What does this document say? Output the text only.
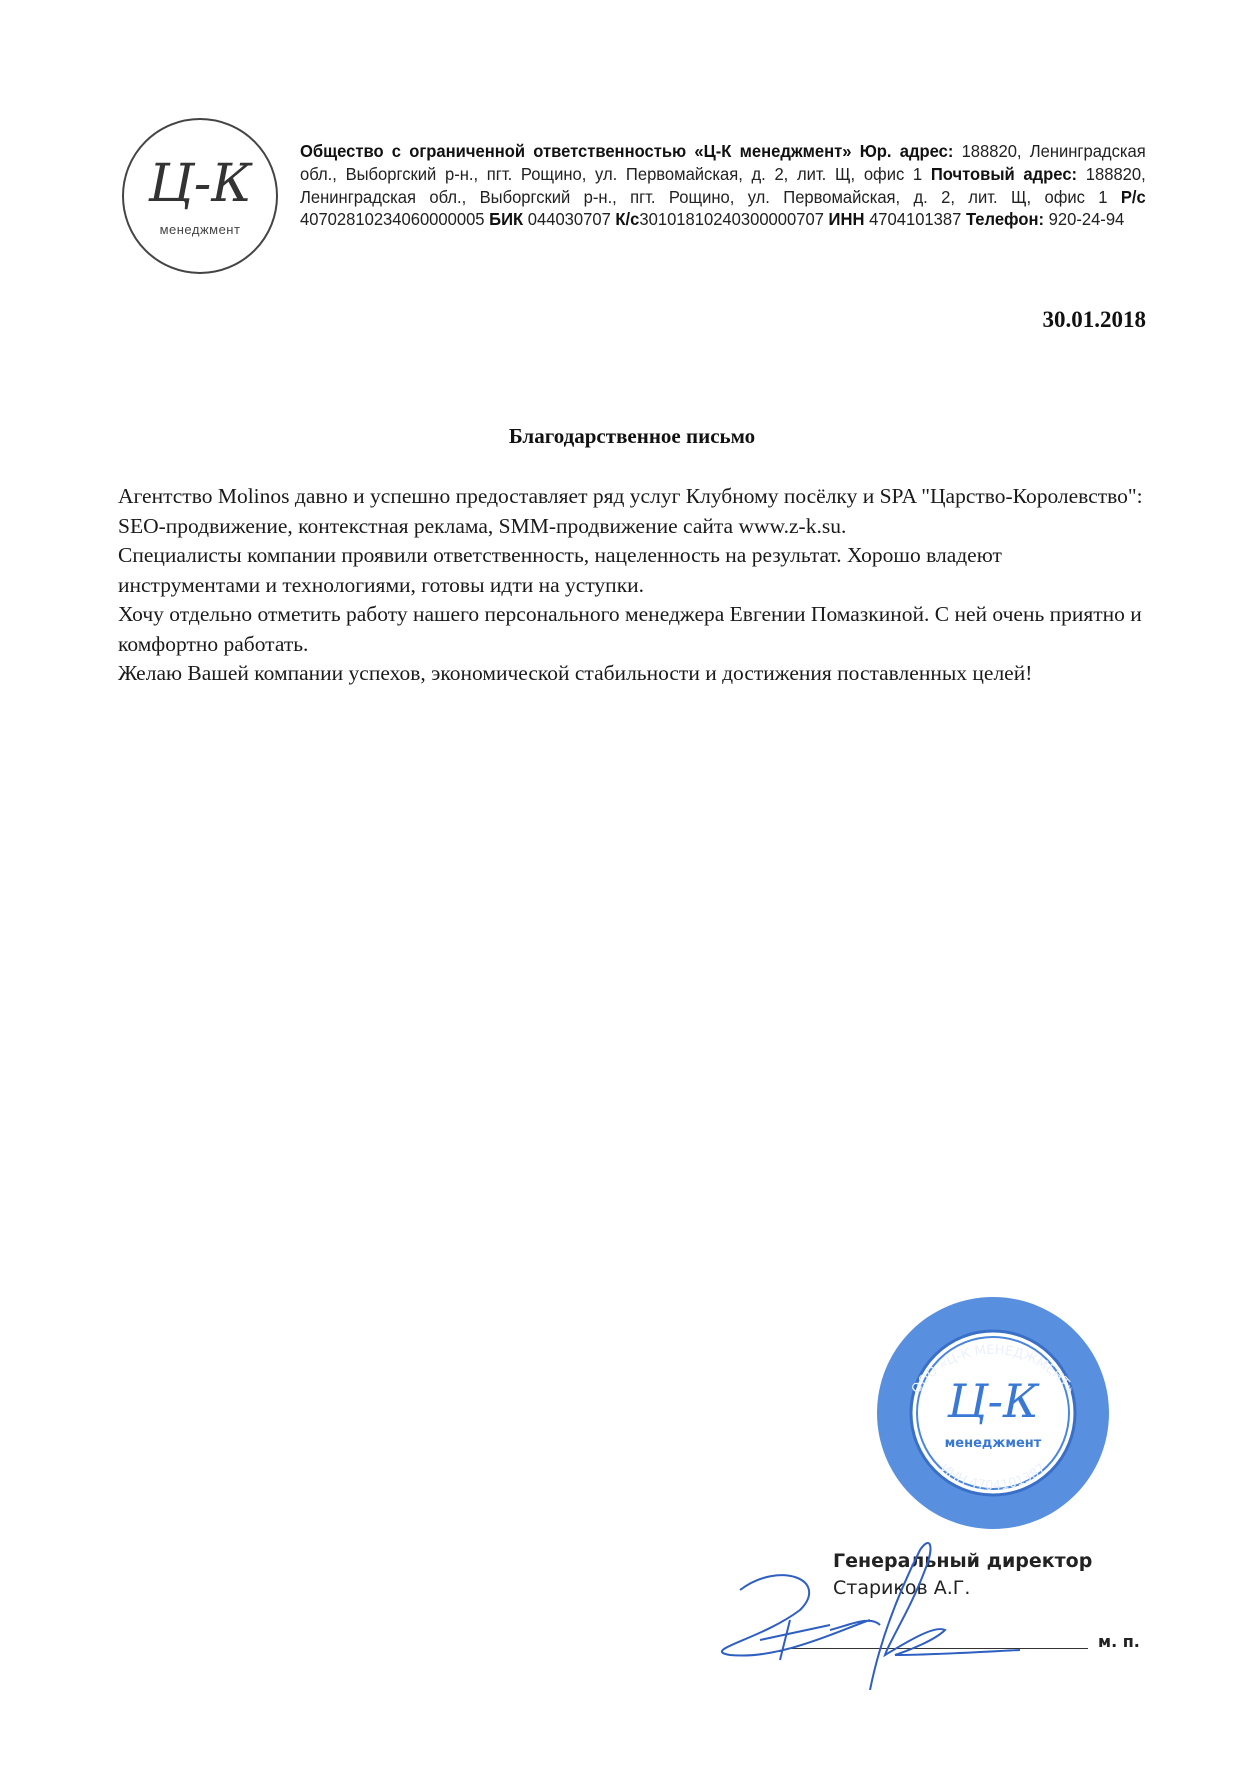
Ц-К
менеджмент
Общество с ограниченной ответственностью «Ц-К менеджмент» Юр. адрес: 188820, Ленинградская обл., Выборгский р-н., пгт. Рощино, ул. Первомайская, д. 2, лит. Щ, офис 1 Почтовый адрес: 188820, Ленинградская обл., Выборгский р-н., пгт. Рощино, ул. Первомайская, д. 2, лит. Щ, офис 1 Р/с 40702810234060000005 БИК 044030707 К/с30101810240300000707 ИНН 4704101387 Телефон: 920-24-94
30.01.2018
Благодарственное письмо

Агентство Molinos давно и успешно предоставляет ряд услуг Клубному посёлку и SPA "Царство-Королевство":

SEO-продвижение, контекстная реклама, SMM-продвижение сайта www.z-k.su.

Специалисты компании проявили ответственность, нацеленность на результат. Хорошо владеют инструментами и технологиями, готовы идти на уступки.

Хочу отдельно отметить работу нашего персонального менеджера Евгении Помазкиной. С ней очень приятно и комфортно работать.

Желаю Вашей компании успехов, экономической стабильности и достижения поставленных целей!

ООО «Ц-К МЕНЕДЖМЕНТ»
ИНН 4704101387
Ц-К
менеджмент
Генеральный директор
Стариков А.Г.
м. п.
